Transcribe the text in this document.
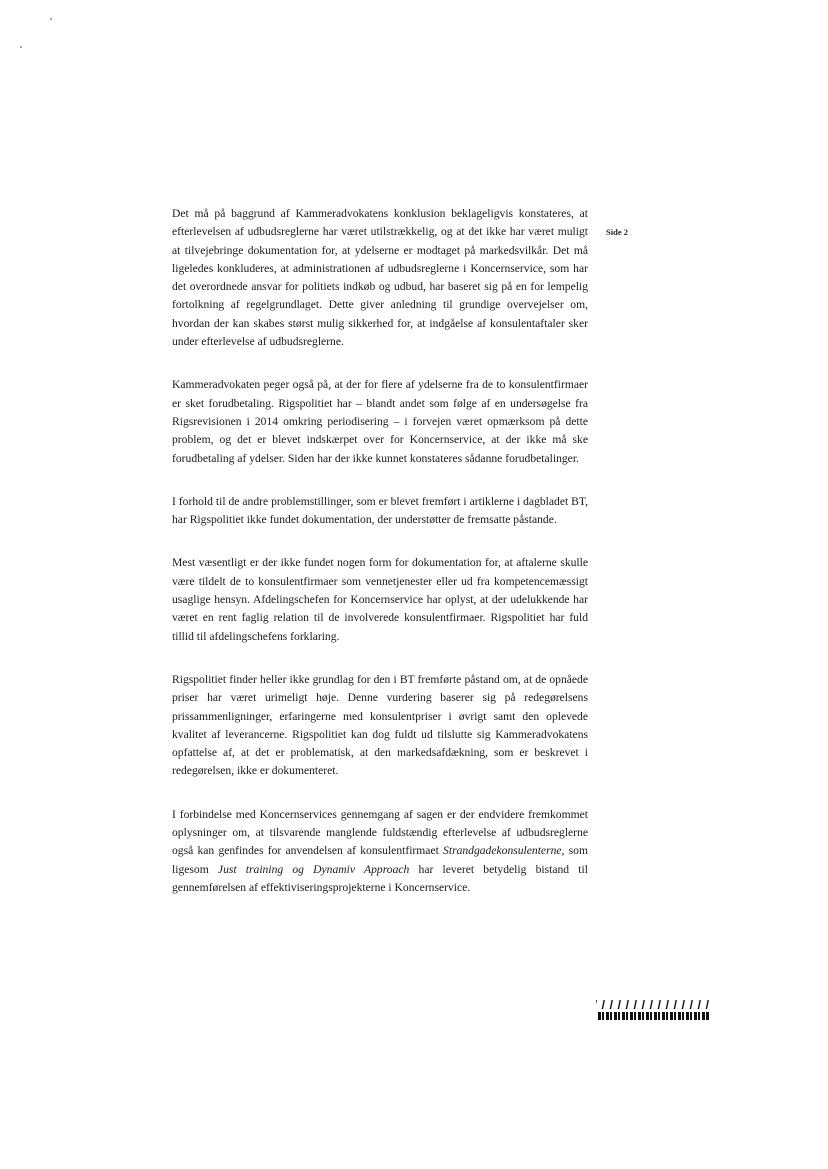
Side 2

Det må på baggrund af Kammeradvokatens konklusion beklageligvis konstateres, at efterlevelsen af udbudsreglerne har været utilstrækkelig, og at det ikke har været muligt at tilvejebringe dokumentation for, at ydelserne er modtaget på markedsvilkår. Det må ligeledes konkluderes, at administrationen af udbudsreglerne i Koncernservice, som har det overordnede ansvar for politiets indkøb og udbud, har baseret sig på en for lempelig fortolkning af regelgrundlaget. Dette giver anledning til grundige overvejelser om, hvordan der kan skabes størst mulig sikkerhed for, at indgåelse af konsulentaftaler sker under efterlevelse af udbudsreglerne.

Kammeradvokaten peger også på, at der for flere af ydelserne fra de to konsulentfirmaer er sket forudbetaling. Rigspolitiet har – blandt andet som følge af en undersøgelse fra Rigsrevisionen i 2014 omkring periodisering – i forvejen været opmærksom på dette problem, og det er blevet indskærpet over for Koncernservice, at der ikke må ske forudbetaling af ydelser. Siden har der ikke kunnet konstateres sådanne forudbetalinger.

I forhold til de andre problemstillinger, som er blevet fremført i artiklerne i dagbladet BT, har Rigspolitiet ikke fundet dokumentation, der understøtter de fremsatte påstande.

Mest væsentligt er der ikke fundet nogen form for dokumentation for, at aftalerne skulle være tildelt de to konsulentfirmaer som vennetjenester eller ud fra kompetencemæssigt usaglige hensyn. Afdelingschefen for Koncernservice har oplyst, at der udelukkende har været en rent faglig relation til de involverede konsulentfirmaer. Rigspolitiet har fuld tillid til afdelingschefens forklaring.

Rigspolitiet finder heller ikke grundlag for den i BT fremførte påstand om, at de opnåede priser har været urimeligt høje. Denne vurdering baserer sig på redegørelsens prissammenligninger, erfaringerne med konsulentpriser i øvrigt samt den oplevede kvalitet af leverancerne. Rigspolitiet kan dog fuldt ud tilslutte sig Kammeradvokatens opfattelse af, at det er problematisk, at den markedsafdækning, som er beskrevet i redegørelsen, ikke er dokumenteret.

I forbindelse med Koncernservices gennemgang af sagen er der endvidere fremkommet oplysninger om, at tilsvarende manglende fuldstændig efterlevelse af udbudsreglerne også kan genfindes for anvendelsen af konsulentfirmaet Strandgadekonsulenterne, som ligesom Just training og Dynamiv Approach har leveret betydelig bistand til gennemførelsen af effektiviseringsprojekterne i Koncernservice.
